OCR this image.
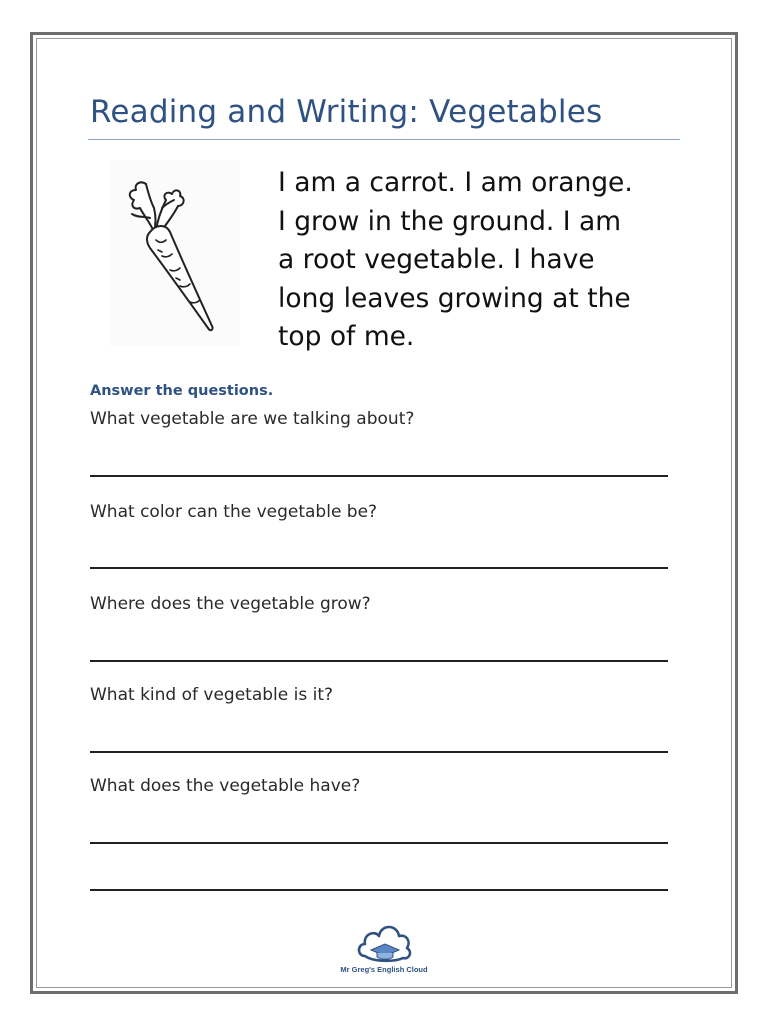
Reading and Writing: Vegetables
I am a carrot. I am orange.
I grow in the ground. I am
a root vegetable. I have
long leaves growing at the
top of me.

Answer the questions.

What vegetable are we talking about?

What color can the vegetable be?

Where does the vegetable grow?

What kind of vegetable is it?

What does the vegetable have?

Mr Greg's English Cloud
